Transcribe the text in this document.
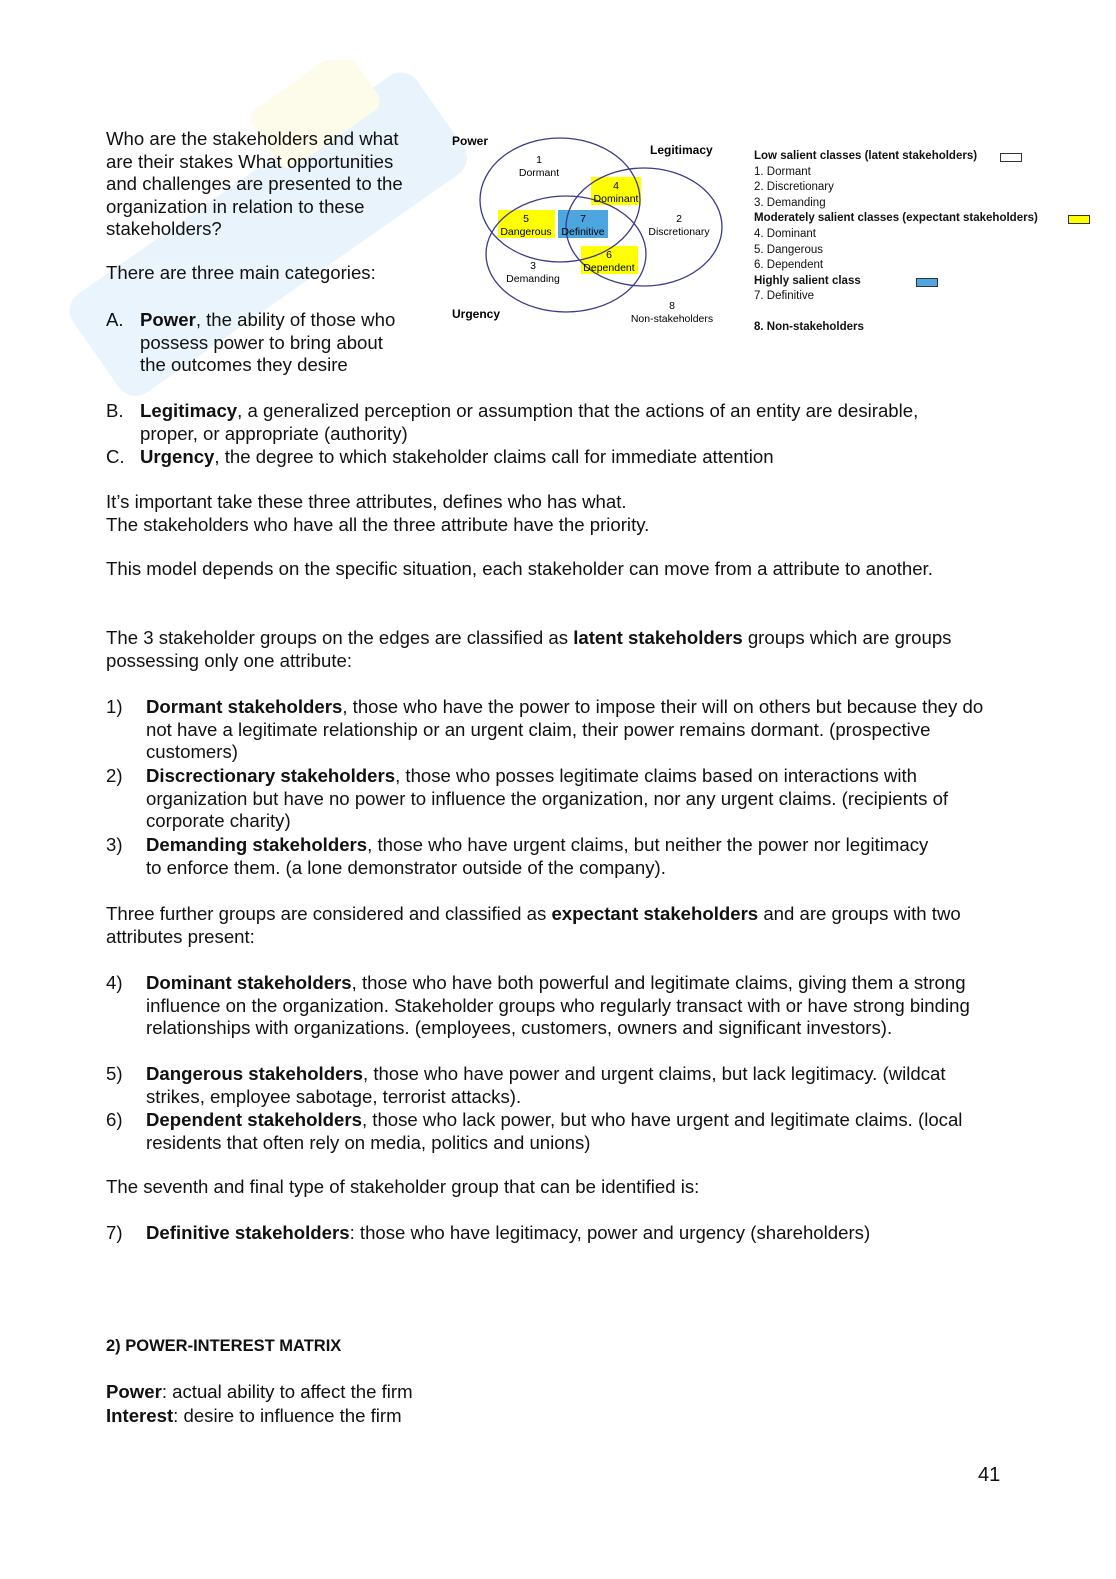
Who are the stakeholders and what are their stakes What opportunities and challenges are presented to the organization in relation to these stakeholders?
There are three main categories:
A. Power, the ability of those who possess power to bring about the outcomes they desire
B. Legitimacy, a generalized perception or assumption that the actions of an entity are desirable, proper, or appropriate (authority)
C. Urgency, the degree to which stakeholder claims call for immediate attention
Power
Legitimacy
Urgency
1
Dormant
2
Discretionary
3
Demanding
4
Dominant
5
Dangerous
7
Definitive
6
Dependent
8
Non-stakeholders
Low salient classes (latent stakeholders)
1. Dormant
2. Discretionary
3. Demanding
Moderately salient classes (expectant stakeholders)
4. Dominant
5. Dangerous
6. Dependent
Highly salient class
7. Definitive
8. Non-stakeholders
It’s important take these three attributes, defines who has what.
The stakeholders who have all the three attribute have the priority.
This model depends on the specific situation, each stakeholder can move from a attribute to another.
The 3 stakeholder groups on the edges are classified as latent stakeholders groups which are groups possessing only one attribute:
1) Dormant stakeholders, those who have the power to impose their will on others but because they do not have a legitimate relationship or an urgent claim, their power remains dormant. (prospective customers)
2) Discrectionary stakeholders, those who posses legitimate claims based on interactions with organization but have no power to influence the organization, nor any urgent claims. (recipients of corporate charity)
3) Demanding stakeholders, those who have urgent claims, but neither the power nor legitimacy to enforce them. (a lone demonstrator outside of the company).
Three further groups are considered and classified as expectant stakeholders and are groups with two attributes present:
4) Dominant stakeholders, those who have both powerful and legitimate claims, giving them a strong influence on the organization. Stakeholder groups who regularly transact with or have strong binding relationships with organizations. (employees, customers, owners and significant investors).
5) Dangerous stakeholders, those who have power and urgent claims, but lack legitimacy. (wildcat strikes, employee sabotage, terrorist attacks).
6) Dependent stakeholders, those who lack power, but who have urgent and legitimate claims. (local residents that often rely on media, politics and unions)
The seventh and final type of stakeholder group that can be identified is:
7) Definitive stakeholders: those who have legitimacy, power and urgency (shareholders)
2) POWER-INTEREST MATRIX
Power: actual ability to affect the firm
Interest: desire to influence the firm
41
